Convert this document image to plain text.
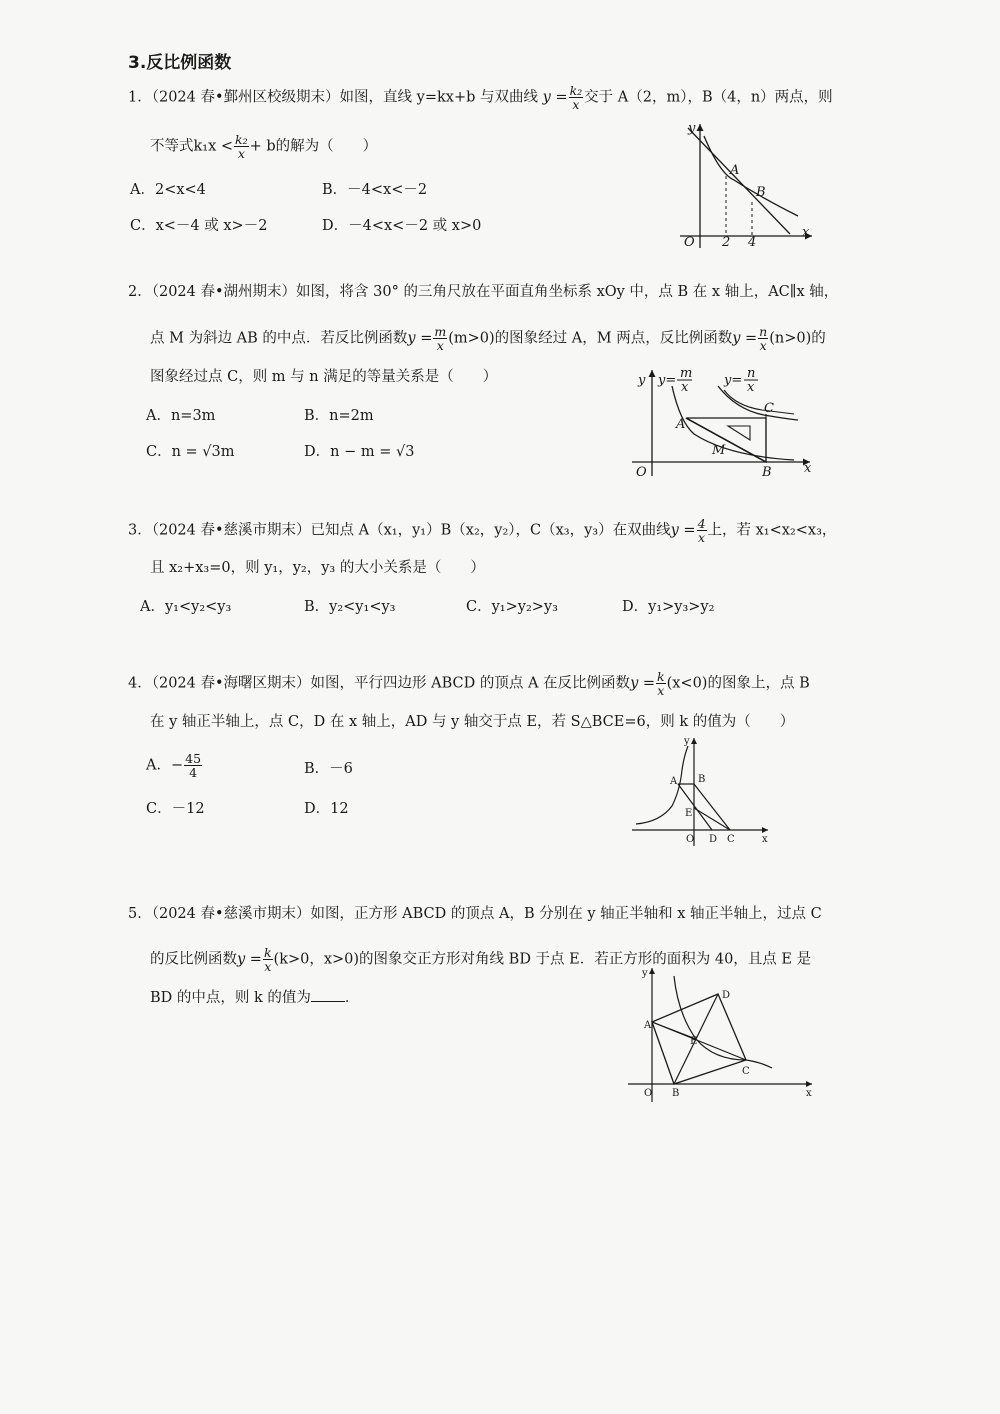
3.反比例函数
1．（2024 春•鄞州区校级期末）如图，直线 y=kx+b 与双曲线 $y = \frac{\text{k₂}}{x}$ 交于 A（2，m），B（4，n）两点，则
不等式$k_1x < \frac{\text{k₂}}{x} + b$的解为（　　）
A．2<x<4	B．－4<x<－2
C．x<－4 或 x>－2	D．－4<x<－2 或 x>0
y
x
O
A
B
2 4
2．（2024 春•湖州期末）如图，将含 30° 的三角尺放在平面直角坐标系 xOy 中，点 B 在 x 轴上，AC∥x 轴，
点 M 为斜边 AB 的中点．若反比例函数$y = \frac{m}{x} (m>0)$的图象经过 A，M 两点，反比例函数$y = \frac{n}{x} (n>0)$的
图象经过点 C，则 m 与 n 满足的等量关系是（　　）
A．n=3m	B．n=2m
C．n = √3m	D．n − m = √3
y
x
O
A
B
C
M
y= m
x	y= n
x
3．（2024 春•慈溪市期末）已知点 A（x₁，y₁）B（x₂，y₂），C（x₃，y₃）在双曲线$y = \frac{4}{x}$ 上，若 x₁<x₂<x₃，
且 x₂+x₃=0，则 y₁，y₂，y₃ 的大小关系是（　　）
A．y₁<y₂<y₃	B．y₂<y₁<y₃	C．y₁>y₂>y₃	D．y₁>y₃>y₂
4．（2024 春•海曙区期末）如图，平行四边形 ABCD 的顶点 A 在反比例函数$y = \frac{k}{x} (x<0)$的图象上，点 B
在 y 轴正半轴上，点 C，D 在 x 轴上，AD 与 y 轴交于点 E，若 S△BCE=6，则 k 的值为（　　）
A．− $\frac{45}{4}$	B．－6
C．－12	D．12
y
x
O
A B
C
D
E
5．（2024 春•慈溪市期末）如图，正方形 ABCD 的顶点 A，B 分别在 y 轴正半轴和 x 轴正半轴上，过点 C
的反比例函数$y = \frac{k}{x} (k>0$，x>0)的图象交正方形对角线 BD 于点 E．若正方形的面积为 40，且点 E 是
BD 的中点，则 k 的值为 ．
y
x
O
A
B
C
D
E
